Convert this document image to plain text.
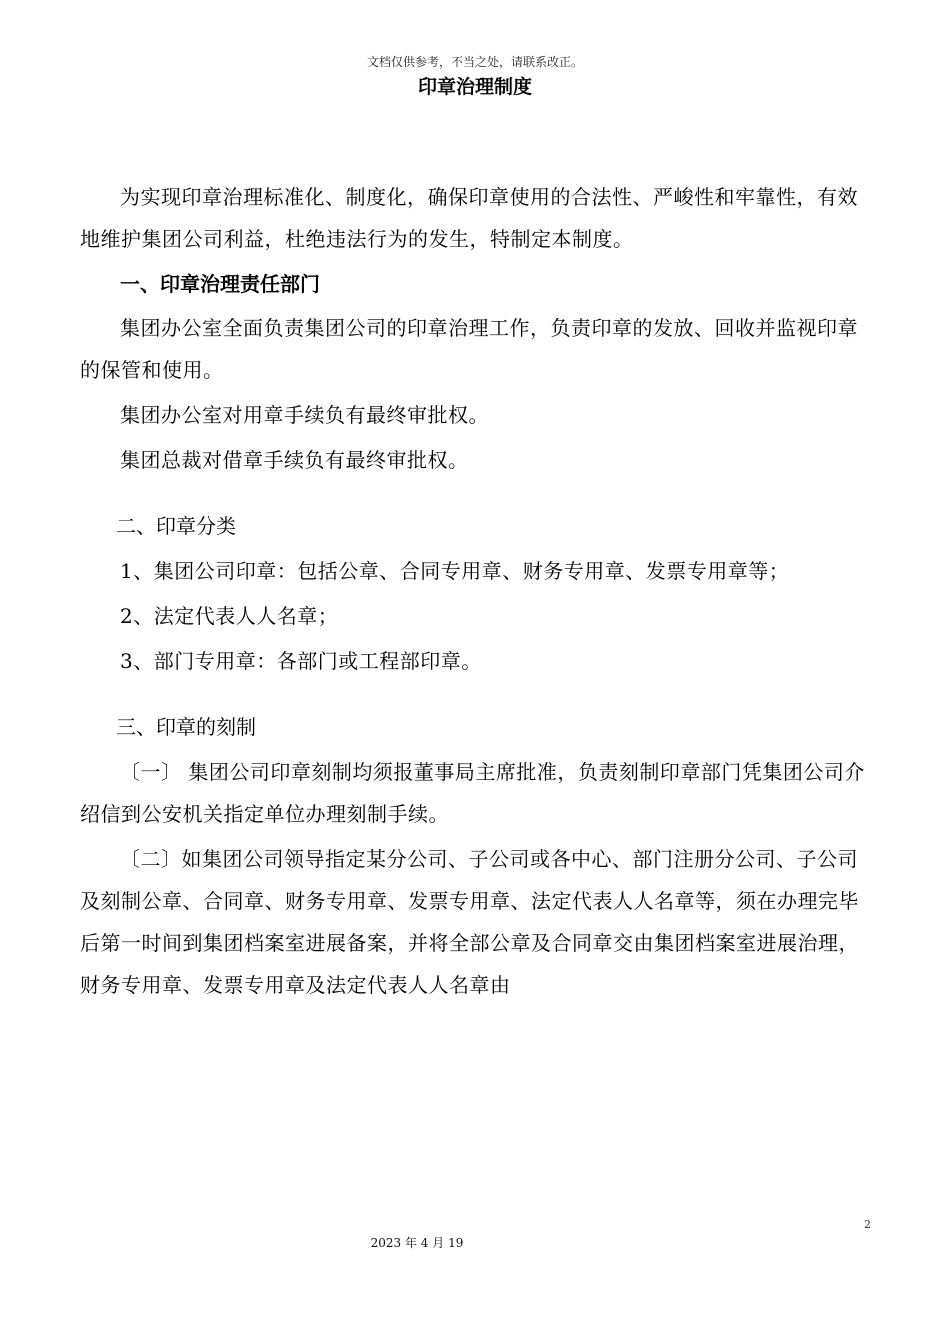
文档仅供参考，不当之处，请联系改正。
印章治理制度

为实现印章治理标准化、制度化，确保印章使用的合法性、严峻性和牢靠性，有效地维护集团公司利益，杜绝违法行为的发生，特制定本制度。

一、印章治理责任部门

集团办公室全面负责集团公司的印章治理工作，负责印章的发放、回收并监视印章的保管和使用。

集团办公室对用章手续负有最终审批权。

集团总裁对借章手续负有最终审批权。

二、印章分类

1、集团公司印章：包括公章、合同专用章、财务专用章、发票专用章等；

2、法定代表人人名章；

3、部门专用章：各部门或工程部印章。

三、印章的刻制

〔一〕 集团公司印章刻制均须报董事局主席批准，负责刻制印章部门凭集团公司介绍信到公安机关指定单位办理刻制手续。

〔二〕如集团公司领导指定某分公司、子公司或各中心、部门注册分公司、子公司及刻制公章、合同章、财务专用章、发票专用章、法定代表人人名章等，须在办理完毕后第一时间到集团档案室进展备案，并将全部公章及合同章交由集团档案室进展治理，财务专用章、发票专用章及法定代表人人名章由

2
2023 年 4 月 19
